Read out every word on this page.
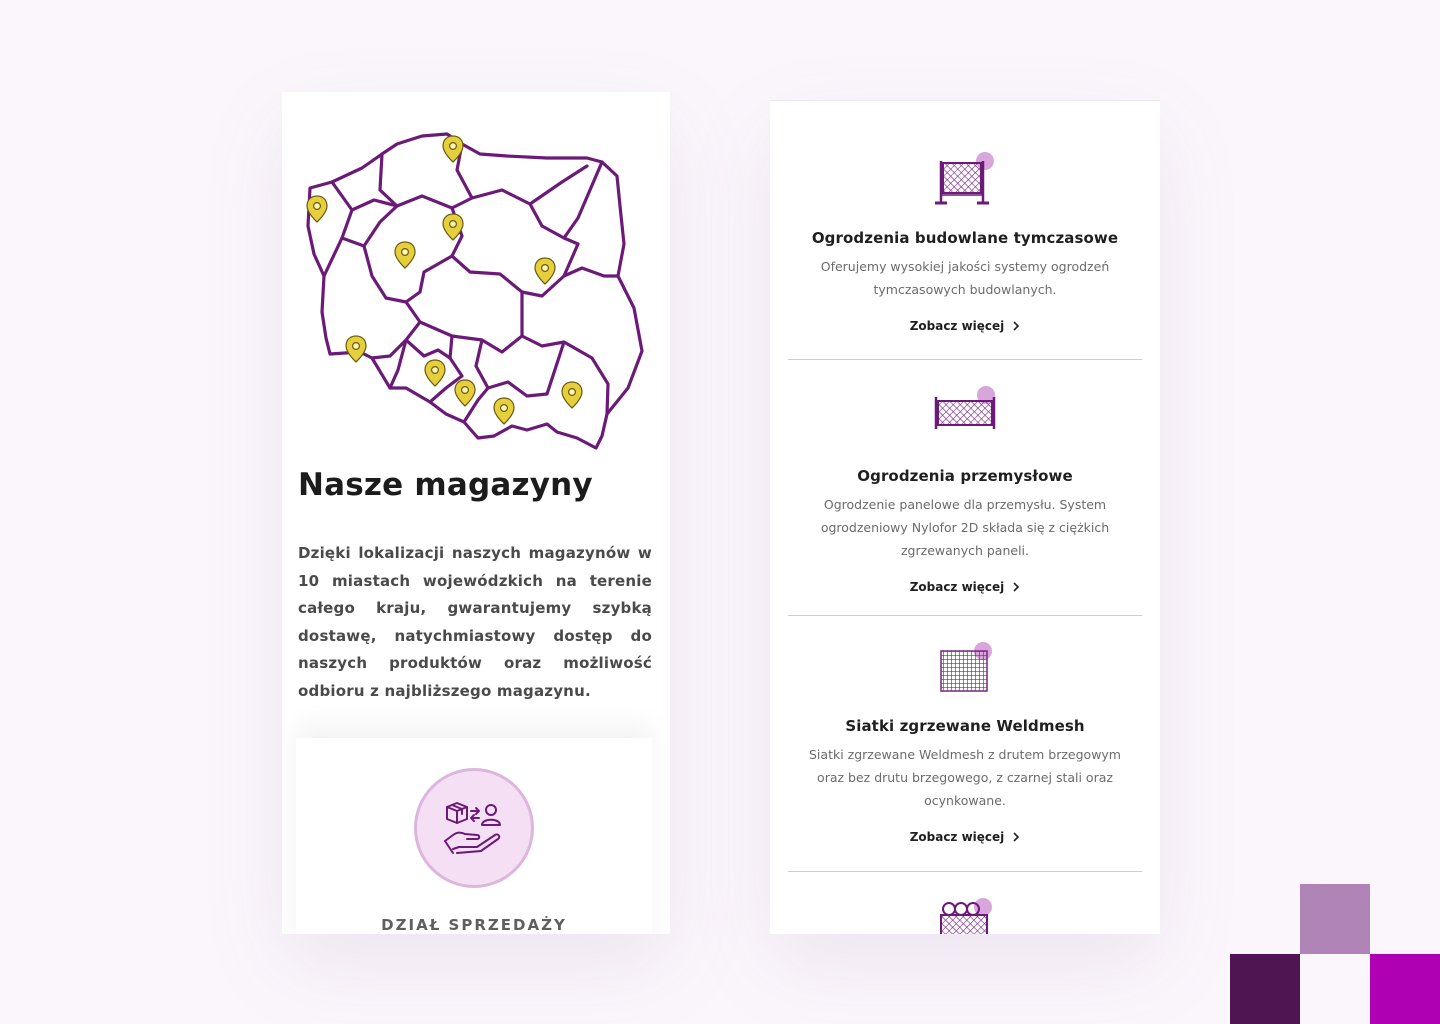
Nasze magazyny

Dzięki lokalizacji naszych magazynów w 10 miastach wojewódzkich na terenie całego kraju, gwarantujemy szybką dostawę, natychmiastowy dostęp do naszych produktów oraz możliwość odbioru z najbliższego magazynu.

DZIAŁ SPRZEDAŻY
Ogrodzenia budowlane tymczasowe

Oferujemy wysokiej jakości systemy ogrodzeń tymczasowych budowlanych.

Zobacz więcej
Ogrodzenia przemysłowe

Ogrodzenie panelowe dla przemysłu. System ogrodzeniowy Nylofor 2D składa się z ciężkich zgrzewanych paneli.

Zobacz więcej
Siatki zgrzewane Weldmesh

Siatki zgrzewane Weldmesh z drutem brzegowym oraz bez drutu brzegowego, z czarnej stali oraz ocynkowane.

Zobacz więcej
